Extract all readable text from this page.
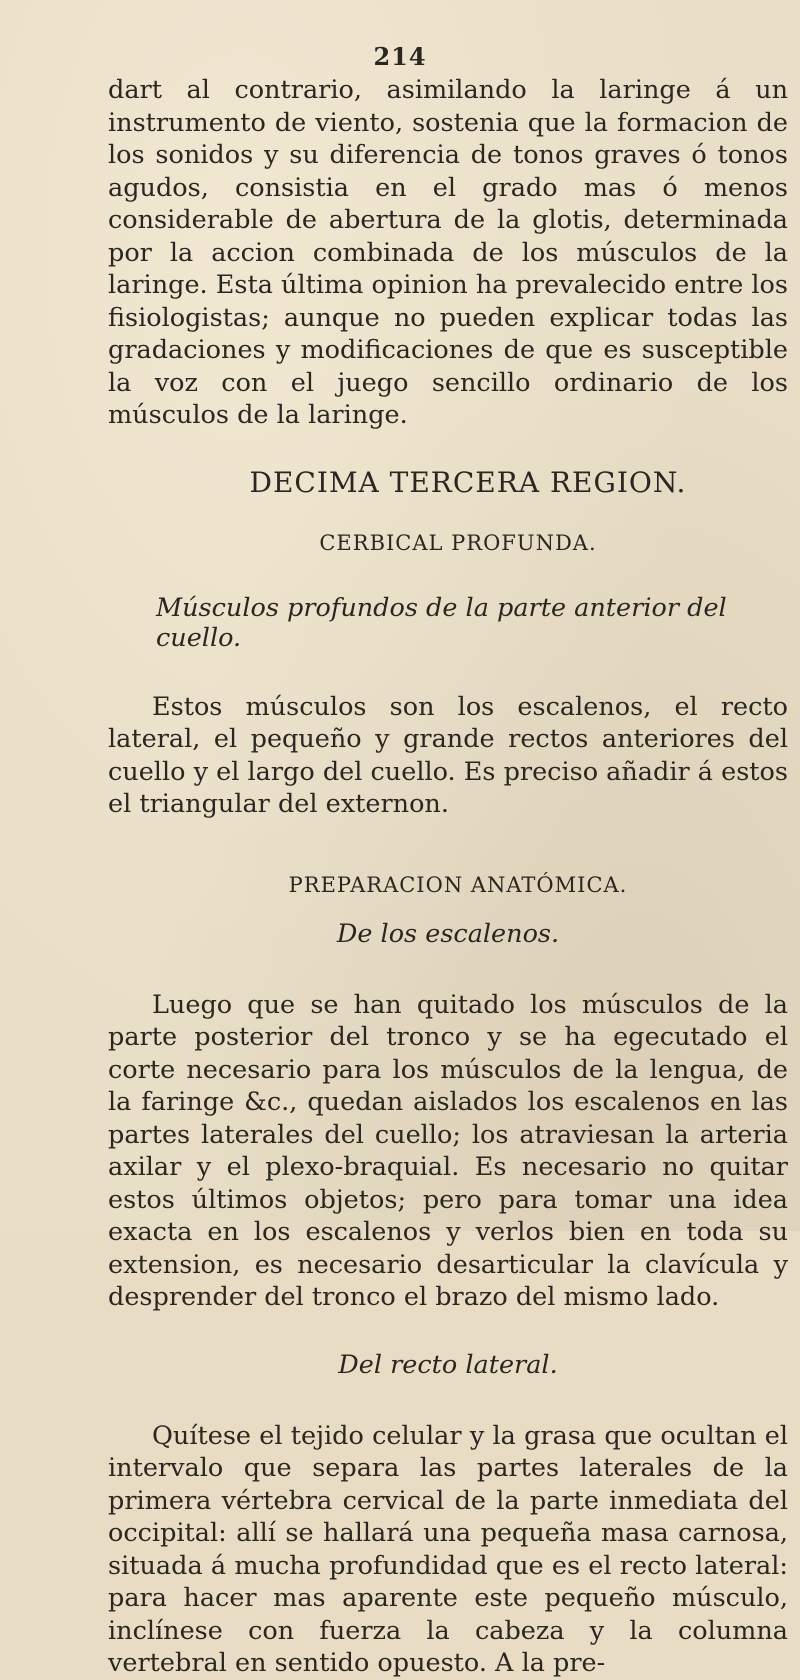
214

dart al contrario, asimilando la laringe á un instrumento de viento, sostenia que la formacion de los sonidos y su diferencia de tonos graves ó tonos agudos, consistia en el grado mas ó menos considerable de abertura de la glotis, determinada por la accion combinada de los músculos de la laringe. Esta última opinion ha prevalecido entre los fisiologistas; aunque no pueden explicar todas las gradaciones y modificaciones de que es susceptible la voz con el juego sencillo ordinario de los músculos de la laringe.

DECIMA TERCERA REGION.
CERBICAL PROFUNDA.
Músculos profundos de la parte anterior del cuello.

Estos músculos son los escalenos, el recto lateral, el pequeño y grande rectos anteriores del cuello y el largo del cuello. Es preciso añadir á estos el triangular del externon.

PREPARACION ANATÓMICA.
De los escalenos.

Luego que se han quitado los músculos de la parte posterior del tronco y se ha egecutado el corte necesario para los músculos de la lengua, de la faringe &c., quedan aislados los escalenos en las partes laterales del cuello; los atraviesan la arteria axilar y el plexo-braquial. Es necesario no quitar estos últimos objetos; pero para tomar una idea exacta en los escalenos y verlos bien en toda su extension, es necesario desarticular la clavícula y desprender del tronco el brazo del mismo lado.

Del recto lateral.

Quítese el tejido celular y la grasa que ocultan el intervalo que separa las partes laterales de la primera vértebra cervical de la parte inmediata del occipital: allí se hallará una pequeña masa carnosa, situada á mucha profundidad que es el recto lateral: para hacer mas aparente este pequeño músculo, inclínese con fuerza la cabeza y la columna vertebral en sentido opuesto. A la pre-
